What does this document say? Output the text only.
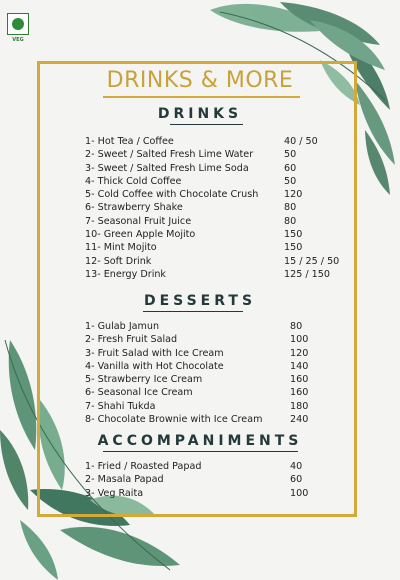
VEG
DRINKS & MORE
DRINKS
1- Hot Tea / Coffee	40 / 50
2- Sweet / Salted Fresh Lime Water	50
3- Sweet / Salted Fresh Lime Soda	60
4- Thick Cold Coffee	50
5- Cold Coffee with Chocolate Crush	120
6- Strawberry Shake	80
7- Seasonal Fruit Juice	80
10- Green Apple Mojito	150
11- Mint Mojito	150
12- Soft Drink	15 / 25 / 50
13- Energy Drink	125 / 150
DESSERTS
1- Gulab Jamun	80
2- Fresh Fruit Salad	100
3- Fruit Salad with Ice Cream	120
4- Vanilla with Hot Chocolate	140
5- Strawberry Ice Cream	160
6- Seasonal Ice Cream	160
7- Shahi Tukda	180
8- Chocolate Brownie with Ice Cream	240
ACCOMPANIMENTS
1- Fried / Roasted Papad	40
2- Masala Papad	60
3- Veg Raita	100
